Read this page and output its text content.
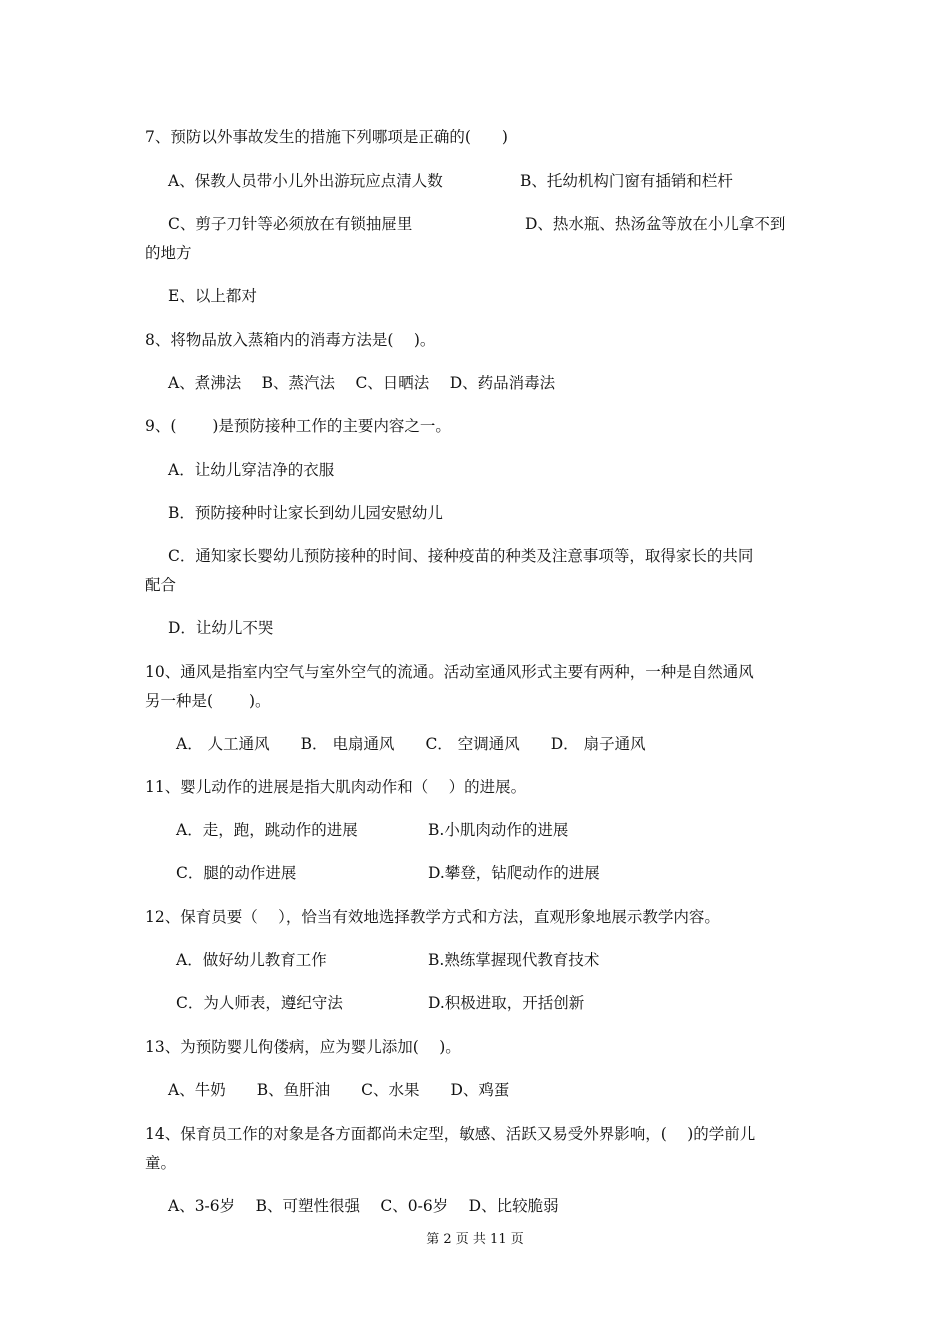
7、预防以外事故发生的措施下列哪项是正确的(　　)
A、保教人员带小儿外出游玩应点清人数	B、托幼机构门窗有插销和栏杆
C、剪子刀针等必须放在有锁抽屉里	D、热水瓶、热汤盆等放在小儿拿不到
的地方
E、以上都对
8、将物品放入蒸箱内的消毒方法是(　 )。
A、煮沸法　 B、蒸汽法　 C、日晒法　 D、药品消毒法
9、(　　 )是预防接种工作的主要内容之一。
A．让幼儿穿洁净的衣服
B．预防接种时让家长到幼儿园安慰幼儿
C．通知家长婴幼儿预防接种的时间、接种疫苗的种类及注意事项等，取得家长的共同
配合
D．让幼儿不哭
10、通风是指室内空气与室外空气的流通。活动室通风形式主要有两种，一种是自然通风
另一种是(　　 )。
A． 人工通风　　B． 电扇通风　　C． 空调通风　　D． 扇子通风
11、婴儿动作的进展是指大肌肉动作和（　 ）的进展。
A．走，跑，跳动作的进展	B.小肌肉动作的进展
C．腿的动作进展	D.攀登，钻爬动作的进展
12、保育员要（　 ），恰当有效地选择教学方式和方法，直观形象地展示教学内容。
A．做好幼儿教育工作	B.熟练掌握现代教育技术
C．为人师表，遵纪守法	D.积极进取，开括创新
13、为预防婴儿佝偻病，应为婴儿添加(　 )。
A、牛奶　　B、鱼肝油　　C、水果　　D、鸡蛋
14、保育员工作的对象是各方面都尚未定型，敏感、活跃又易受外界影响，(　 )的学前儿
童。
A、3-6岁　 B、可塑性很强　 C、0-6岁　 D、比较脆弱
第 2 页 共 11 页
